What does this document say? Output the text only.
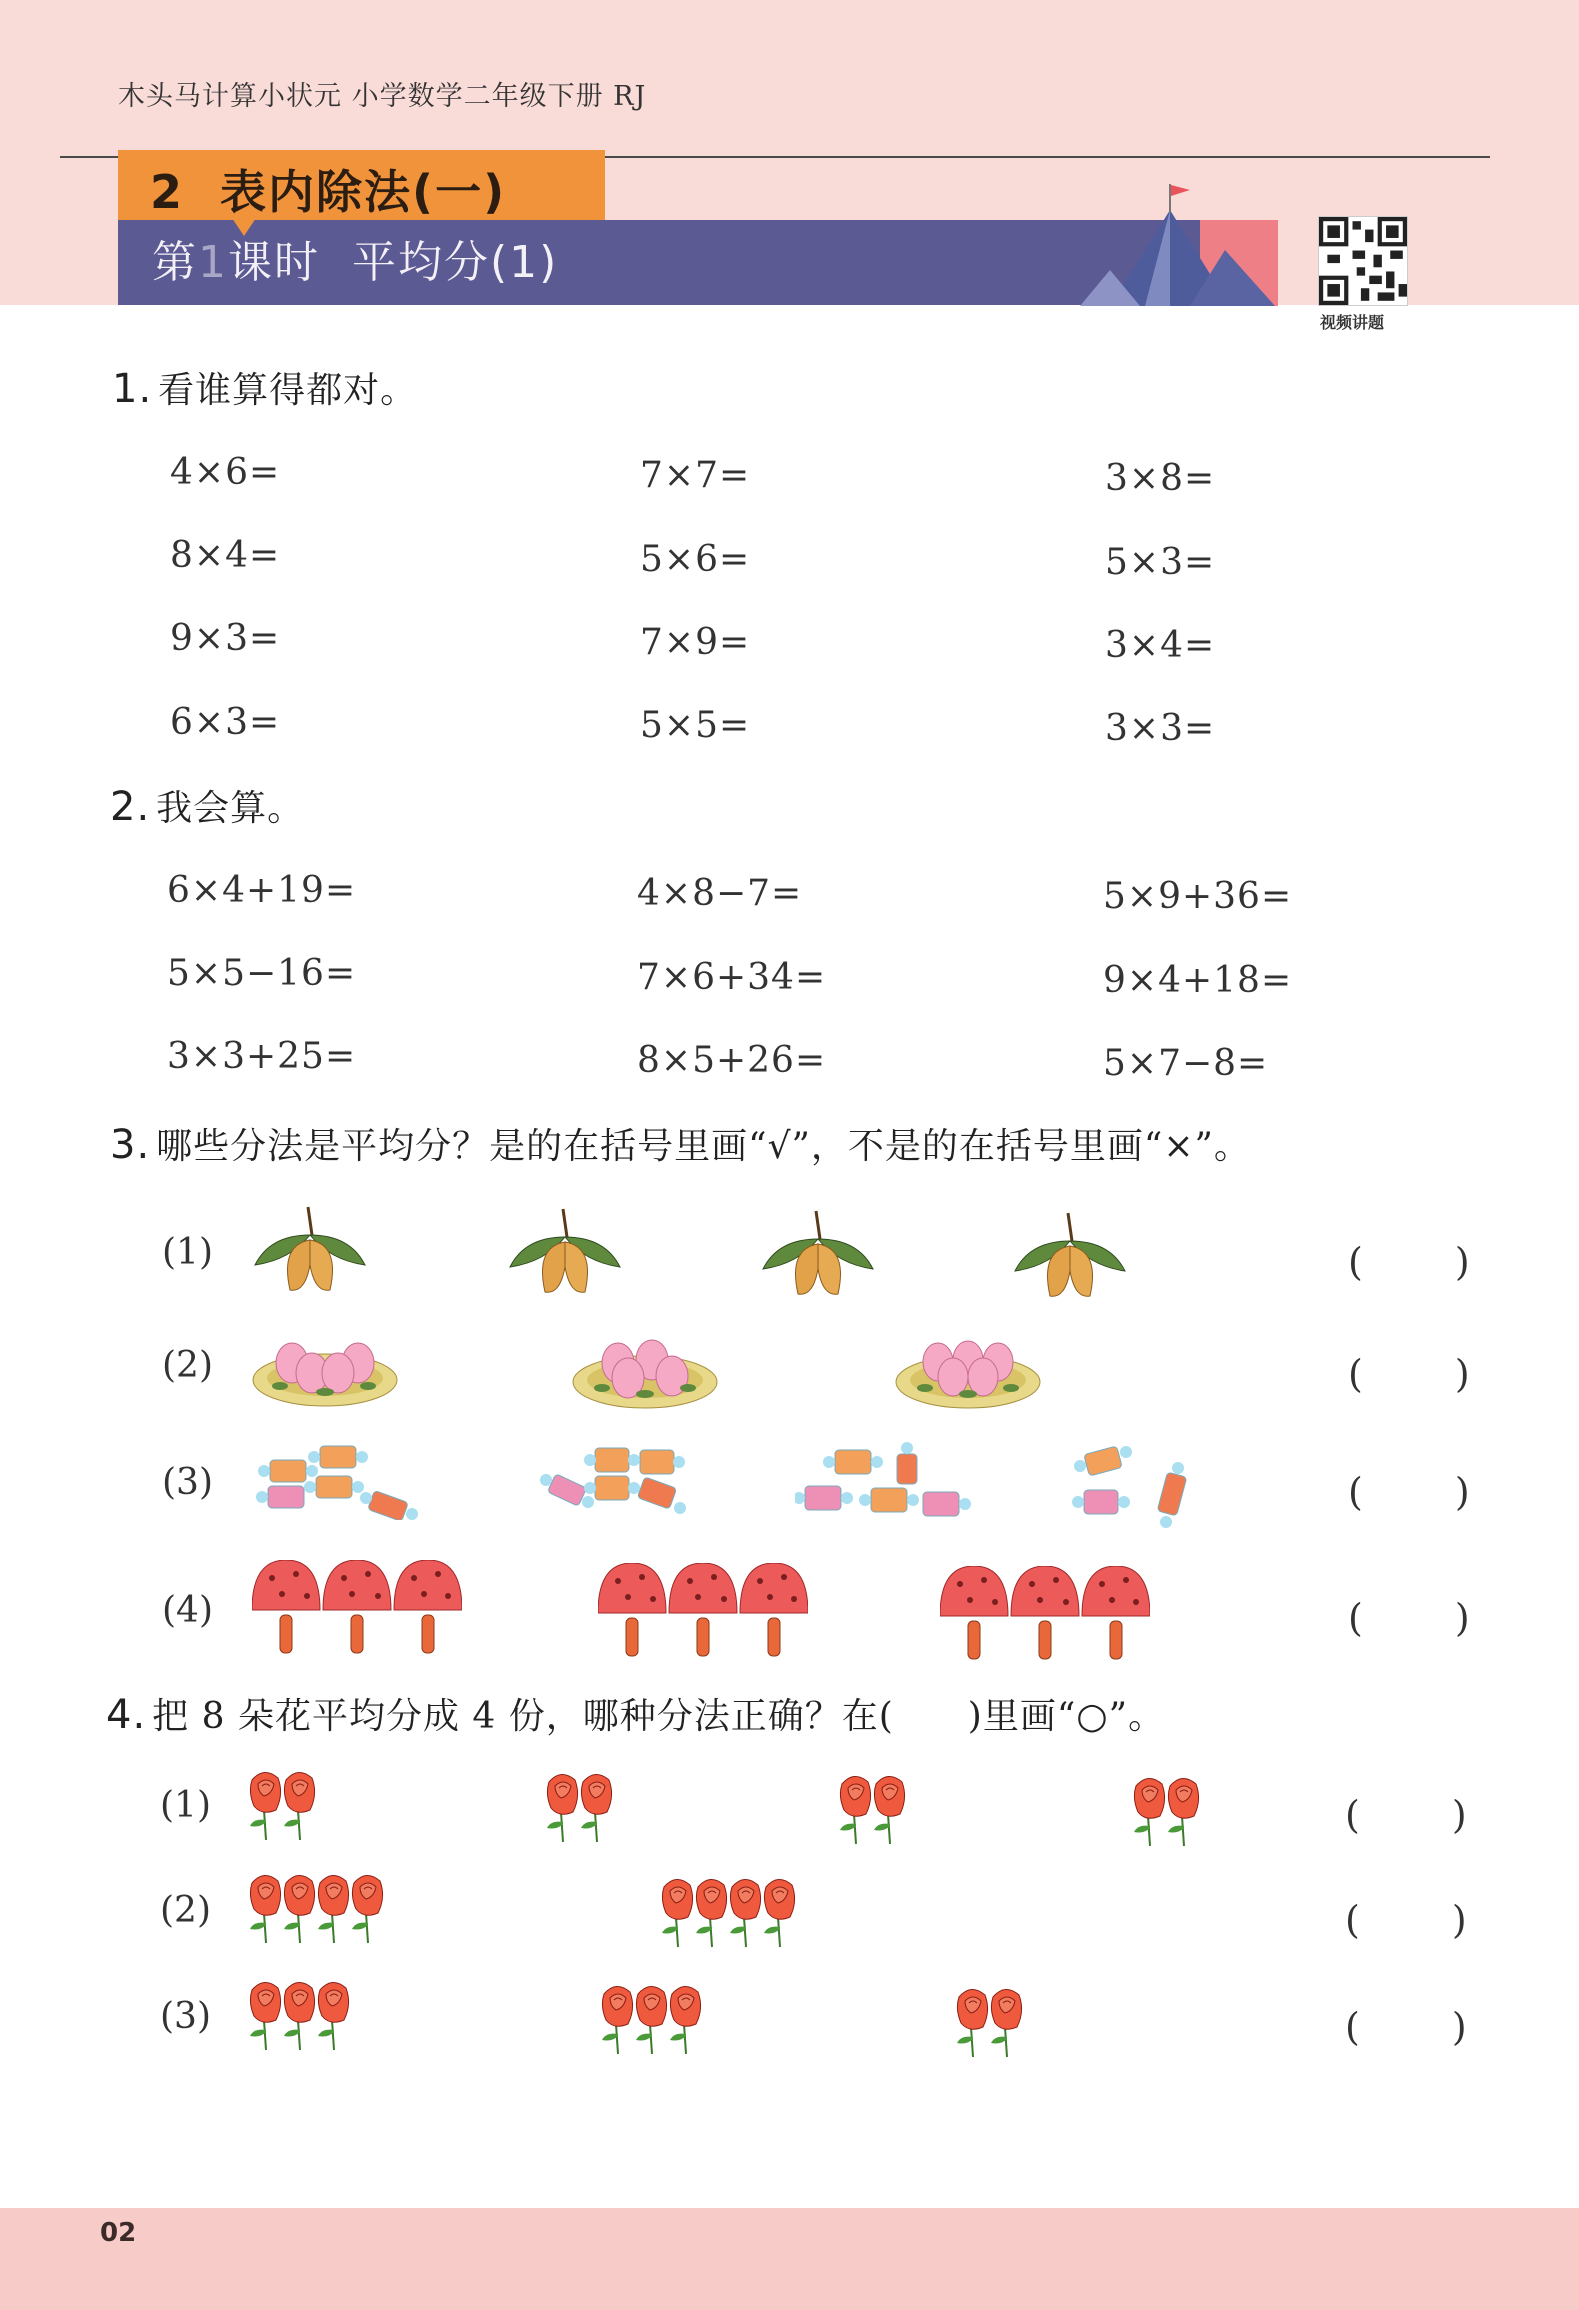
木头马计算小状元 小学数学二年级下册 RJ
2 表内除法(一)
第1课时 平均分(1)
视频讲题
1. 看谁算得都对。
4×6=	7×7=	3×8=
8×4=	5×6=	5×3=
9×3=	7×9=	3×4=
6×3=	5×5=	3×3=
2. 我会算。
6×4+19=	4×8−7=	5×9+36=
5×5−16=	7×6+34=	9×4+18=
3×3+25=	8×5+26=	5×7−8=
3. 哪些分法是平均分？是的在括号里画“√”，不是的在括号里画“×”。
(1)	( )
(2)	( )
(3)	( )
(4)	( )
4. 把 8 朵花平均分成 4 份，哪种分法正确？在(　　)里画“○”。
(1)	( )
(2)	( )
(3)	( )
02
